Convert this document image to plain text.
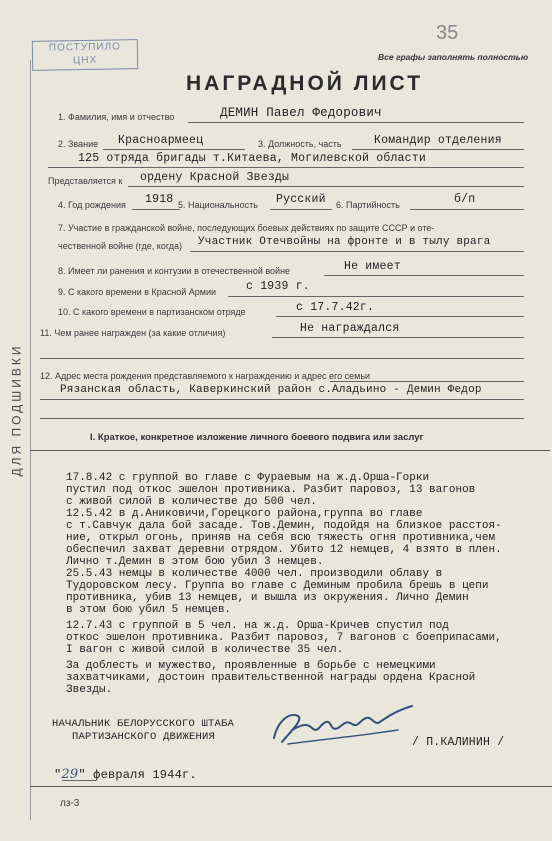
ДЛЯ ПОДШИВКИ
ПОСТУПИЛО
ЦНХ
35
Все графы заполнять полностью
НАГРАДНОЙ ЛИСТ
1. Фамилия, имя и отчество	ДЕМИН Павел Федорович
2. Звание Красноармеец	3. Должность, часть	Командир отделения
125 отряда бригады т.Китаева, Могилевской области
Представляется к ордену Красной Звезды
4. Год рождения 1918 5. Национальность Русский 6. Партийность	б/п
7. Участие в гражданской войне, последующих боевых действиях по защите СССР и оте-
чественной войне (где, когда) Участник Отечвойны на фронте и в тылу врага
8. Имеет ли ранения и контузии в отечественной войне	Не имеет
9. С какого времени в Красной Армии	с 1939 г.
10. С какого времени в партизанском отряде	с 17.7.42г.
11. Чем ранее награжден (за какие отличия)	Не награждался
12. Адрес места рождения представляемого к награждению и адрес его семьи
Рязанская область, Каверкинский район с.Аладьино - Демин Федор
I. Краткое, конкретное изложение личного боевого подвига или заслуг
17.8.42 с группой во главе с Фураевым на ж.д.Орша-Горки
пустил под откос эшелон противника. Разбит паровоз, 13 вагонов
с живой силой в количестве до 500 чел.
12.5.42 в д.Аниковичи,Горецкого района,группа во главе
с т.Савчук дала бой засаде. Тов.Демин, подойдя на близкое расстоя-
ние, открыл огонь, приняв на себя всю тяжесть огня противника,чем
обеспечил захват деревни отрядом. Убито 12 немцев, 4 взято в плен.
Лично т.Демин в этом бою убил 3 немцев.
25.5.43 немцы в количестве 4000 чел. производили облаву в
Тудоровском лесу. Группа во главе с Деминым пробила брешь в цепи
противника, убив 13 немцев, и вышла из окружения. Лично Демин
в этом бою убил 5 немцев.
12.7.43 с группой в 5 чел. на ж.д. Орша-Кричев спустил под
откос эшелон противника. Разбит паровоз, 7 вагонов с боеприпасами,
I вагон с живой силой в количестве 35 чел.
За доблесть и мужество, проявленные в борьбе с немецкими
захватчиками, достоин правительственной награды ордена Красной
Звезды.
НАЧАЛЬНИК БЕЛОРУССКОГО ШТАБА
ПАРТИЗАНСКОГО ДВИЖЕНИЯ	/ П.КАЛИНИН /
"29" февраля 1944г.
лз-3
